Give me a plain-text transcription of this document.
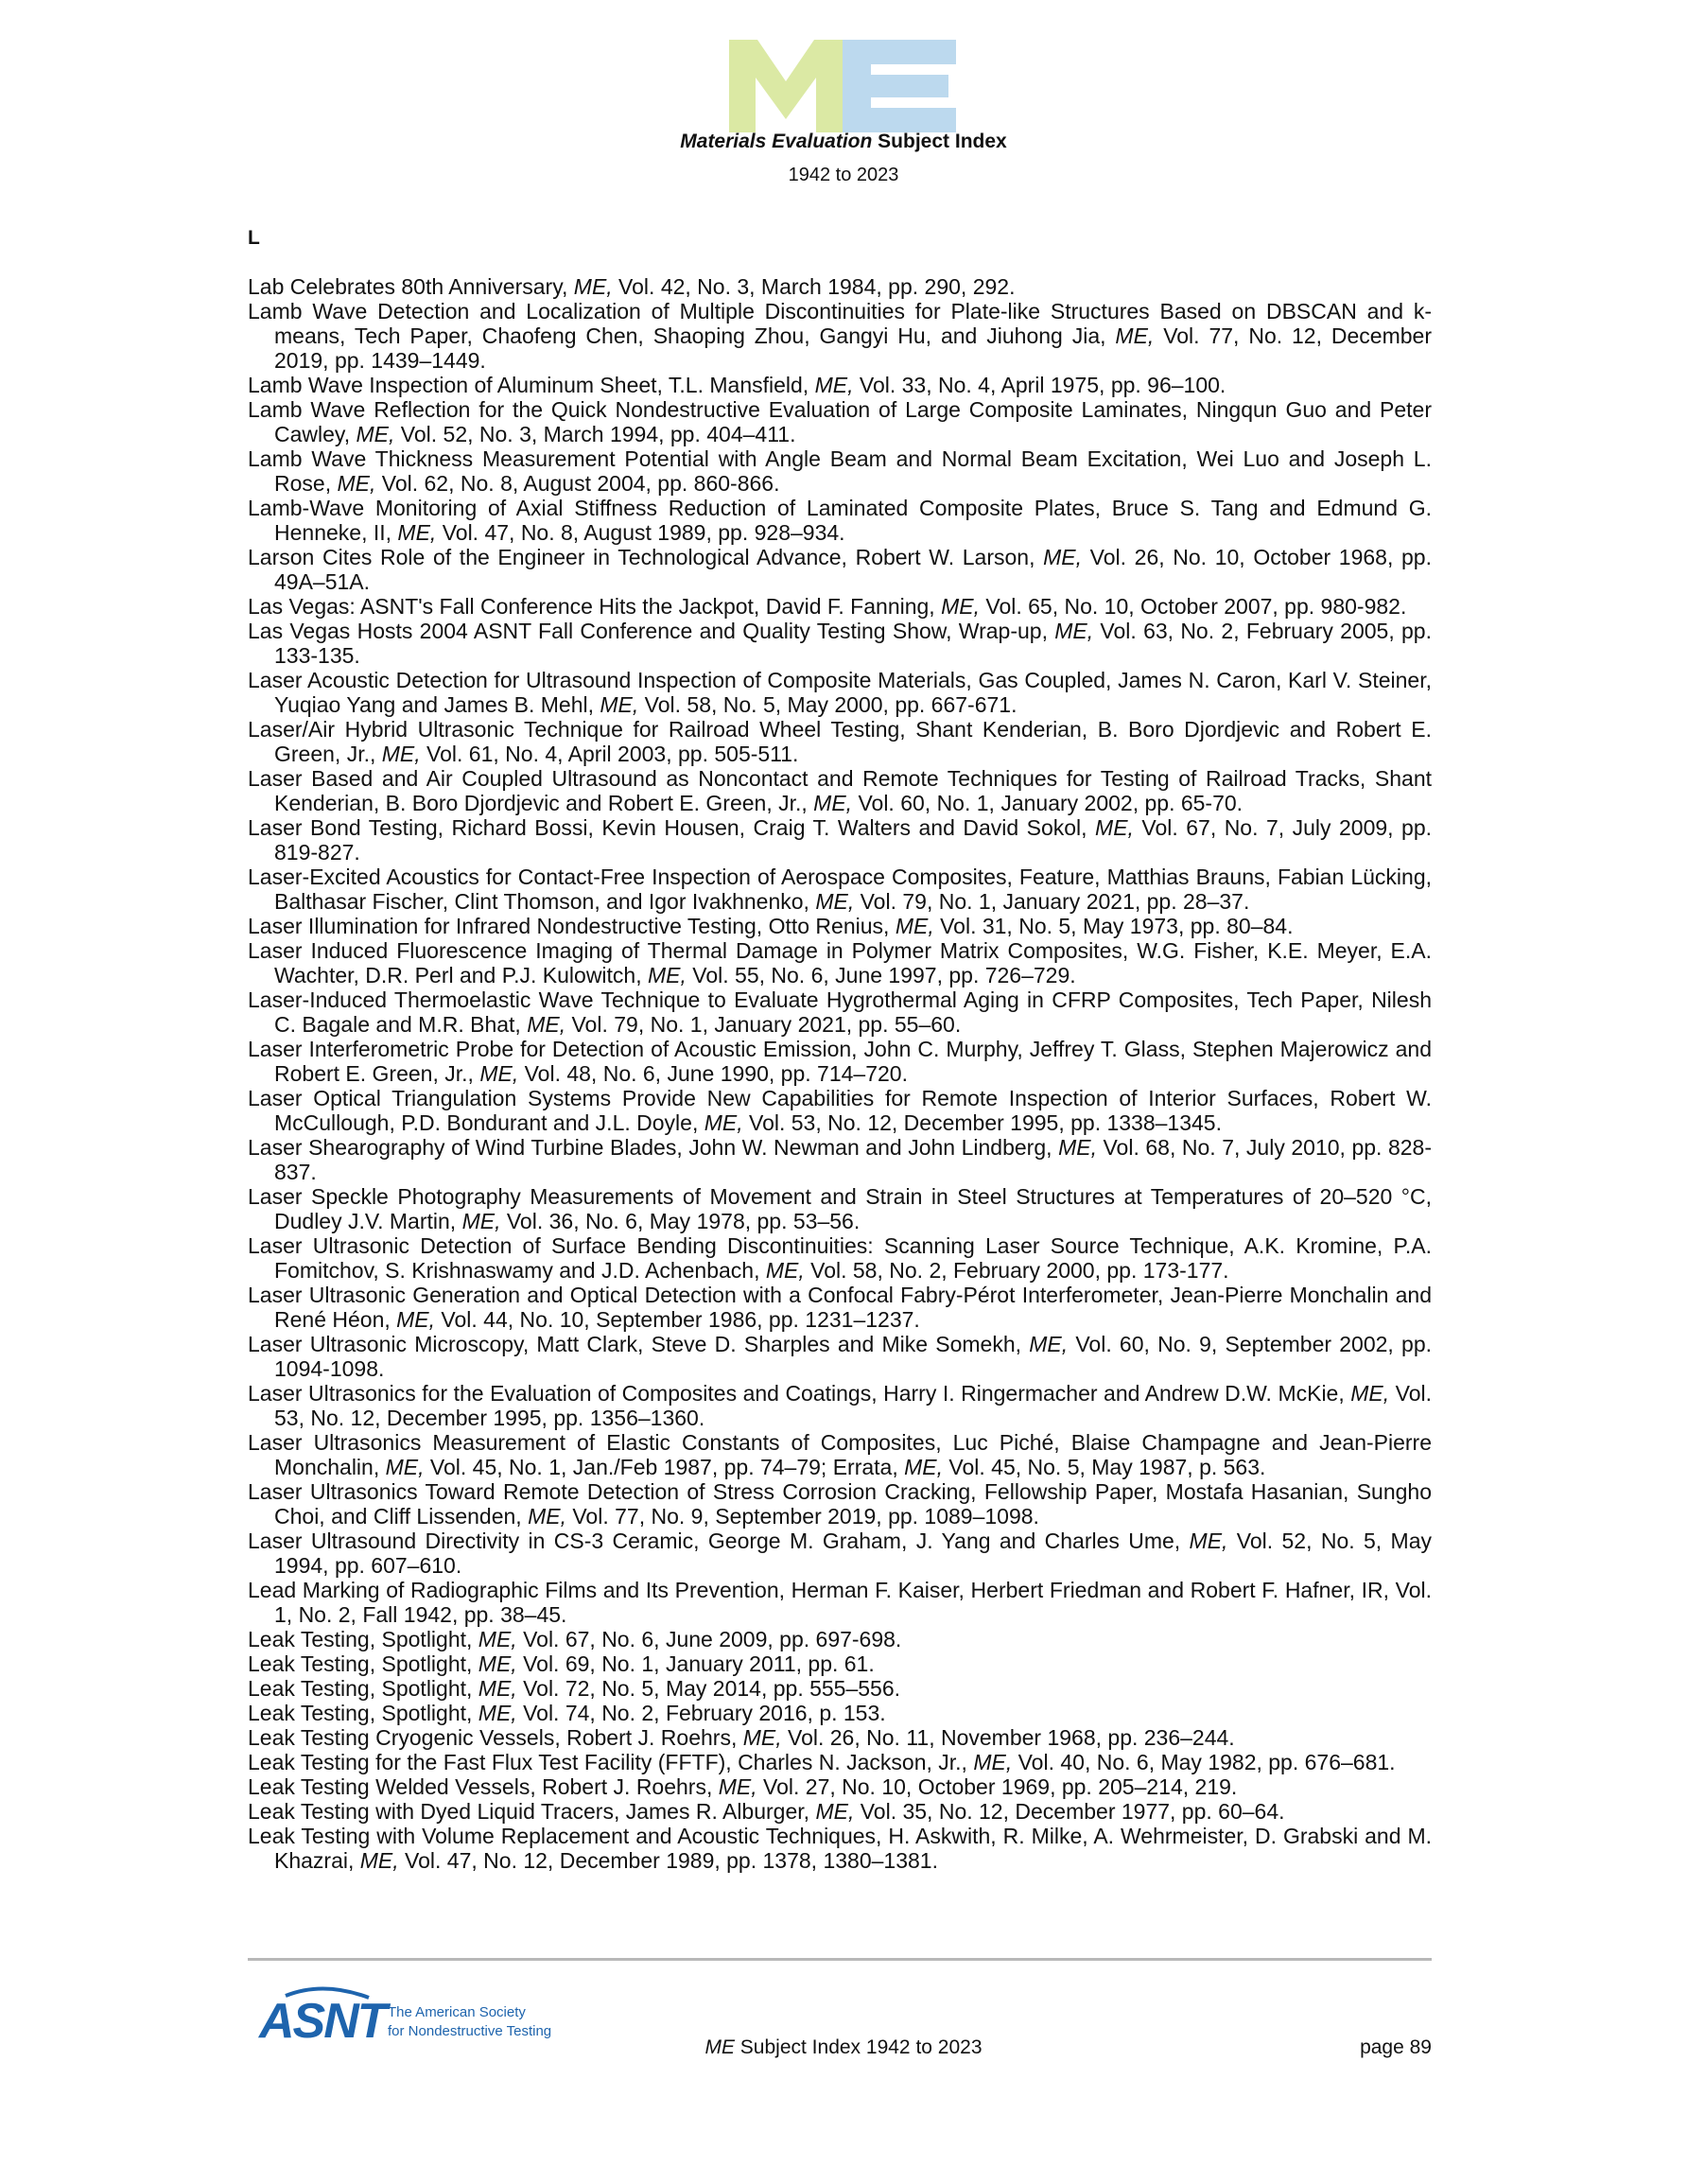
Materials Evaluation Subject Index
1942 to 2023
L
Lab Celebrates 80th Anniversary, ME, Vol. 42, No. 3, March 1984, pp. 290, 292.
Lamb Wave Detection and Localization of Multiple Discontinuities for Plate-like Structures Based on DBSCAN and k-means, Tech Paper, Chaofeng Chen, Shaoping Zhou, Gangyi Hu, and Jiuhong Jia, ME, Vol. 77, No. 12, December 2019, pp. 1439–1449.
Lamb Wave Inspection of Aluminum Sheet, T.L. Mansfield, ME, Vol. 33, No. 4, April 1975, pp. 96–100.
Lamb Wave Reflection for the Quick Nondestructive Evaluation of Large Composite Laminates, Ningqun Guo and Peter Cawley, ME, Vol. 52, No. 3, March 1994, pp. 404–411.
Lamb Wave Thickness Measurement Potential with Angle Beam and Normal Beam Excitation, Wei Luo and Joseph L. Rose, ME, Vol. 62, No. 8, August 2004, pp. 860-866.
Lamb-Wave Monitoring of Axial Stiffness Reduction of Laminated Composite Plates, Bruce S. Tang and Edmund G. Henneke, II, ME, Vol. 47, No. 8, August 1989, pp. 928–934.
Larson Cites Role of the Engineer in Technological Advance, Robert W. Larson, ME, Vol. 26, No. 10, October 1968, pp. 49A–51A.
Las Vegas: ASNT's Fall Conference Hits the Jackpot, David F. Fanning, ME, Vol. 65, No. 10, October 2007, pp. 980-982.
Las Vegas Hosts 2004 ASNT Fall Conference and Quality Testing Show, Wrap-up, ME, Vol. 63, No. 2, February 2005, pp. 133-135.
Laser Acoustic Detection for Ultrasound Inspection of Composite Materials, Gas Coupled, James N. Caron, Karl V. Steiner, Yuqiao Yang and James B. Mehl, ME, Vol. 58, No. 5, May 2000, pp. 667-671.
Laser/Air Hybrid Ultrasonic Technique for Railroad Wheel Testing, Shant Kenderian, B. Boro Djordjevic and Robert E. Green, Jr., ME, Vol. 61, No. 4, April 2003, pp. 505-511.
Laser Based and Air Coupled Ultrasound as Noncontact and Remote Techniques for Testing of Railroad Tracks, Shant Kenderian, B. Boro Djordjevic and Robert E. Green, Jr., ME, Vol. 60, No. 1, January 2002, pp. 65-70.
Laser Bond Testing, Richard Bossi, Kevin Housen, Craig T. Walters and David Sokol, ME, Vol. 67, No. 7, July 2009, pp. 819-827.
Laser-Excited Acoustics for Contact-Free Inspection of Aerospace Composites, Feature, Matthias Brauns, Fabian Lücking, Balthasar Fischer, Clint Thomson, and Igor Ivakhnenko, ME, Vol. 79, No. 1, January 2021, pp. 28–37.
Laser Illumination for Infrared Nondestructive Testing, Otto Renius, ME, Vol. 31, No. 5, May 1973, pp. 80–84.
Laser Induced Fluorescence Imaging of Thermal Damage in Polymer Matrix Composites, W.G. Fisher, K.E. Meyer, E.A. Wachter, D.R. Perl and P.J. Kulowitch, ME, Vol. 55, No. 6, June 1997, pp. 726–729.
Laser-Induced Thermoelastic Wave Technique to Evaluate Hygrothermal Aging in CFRP Composites, Tech Paper, Nilesh C. Bagale and M.R. Bhat, ME, Vol. 79, No. 1, January 2021, pp. 55–60.
Laser Interferometric Probe for Detection of Acoustic Emission, John C. Murphy, Jeffrey T. Glass, Stephen Majerowicz and Robert E. Green, Jr., ME, Vol. 48, No. 6, June 1990, pp. 714–720.
Laser Optical Triangulation Systems Provide New Capabilities for Remote Inspection of Interior Surfaces, Robert W. McCullough, P.D. Bondurant and J.L. Doyle, ME, Vol. 53, No. 12, December 1995, pp. 1338–1345.
Laser Shearography of Wind Turbine Blades, John W. Newman and John Lindberg, ME, Vol. 68, No. 7, July 2010, pp. 828-837.
Laser Speckle Photography Measurements of Movement and Strain in Steel Structures at Temperatures of 20–520 °C, Dudley J.V. Martin, ME, Vol. 36, No. 6, May 1978, pp. 53–56.
Laser Ultrasonic Detection of Surface Bending Discontinuities: Scanning Laser Source Technique, A.K. Kromine, P.A. Fomitchov, S. Krishnaswamy and J.D. Achenbach, ME, Vol. 58, No. 2, February 2000, pp. 173-177.
Laser Ultrasonic Generation and Optical Detection with a Confocal Fabry-Pérot Interferometer, Jean-Pierre Monchalin and René Héon, ME, Vol. 44, No. 10, September 1986, pp. 1231–1237.
Laser Ultrasonic Microscopy, Matt Clark, Steve D. Sharples and Mike Somekh, ME, Vol. 60, No. 9, September 2002, pp. 1094-1098.
Laser Ultrasonics for the Evaluation of Composites and Coatings, Harry I. Ringermacher and Andrew D.W. McKie, ME, Vol. 53, No. 12, December 1995, pp. 1356–1360.
Laser Ultrasonics Measurement of Elastic Constants of Composites, Luc Piché, Blaise Champagne and Jean-Pierre Monchalin, ME, Vol. 45, No. 1, Jan./Feb 1987, pp. 74–79; Errata, ME, Vol. 45, No. 5, May 1987, p. 563.
Laser Ultrasonics Toward Remote Detection of Stress Corrosion Cracking, Fellowship Paper, Mostafa Hasanian, Sungho Choi, and Cliff Lissenden, ME, Vol. 77, No. 9, September 2019, pp. 1089–1098.
Laser Ultrasound Directivity in CS-3 Ceramic, George M. Graham, J. Yang and Charles Ume, ME, Vol. 52, No. 5, May 1994, pp. 607–610.
Lead Marking of Radiographic Films and Its Prevention, Herman F. Kaiser, Herbert Friedman and Robert F. Hafner, IR, Vol. 1, No. 2, Fall 1942, pp. 38–45.
Leak Testing, Spotlight, ME, Vol. 67, No. 6, June 2009, pp. 697-698.
Leak Testing, Spotlight, ME, Vol. 69, No. 1, January 2011, pp. 61.
Leak Testing, Spotlight, ME, Vol. 72, No. 5, May 2014, pp. 555–556.
Leak Testing, Spotlight, ME, Vol. 74, No. 2, February 2016, p. 153.
Leak Testing Cryogenic Vessels, Robert J. Roehrs, ME, Vol. 26, No. 11, November 1968, pp. 236–244.
Leak Testing for the Fast Flux Test Facility (FFTF), Charles N. Jackson, Jr., ME, Vol. 40, No. 6, May 1982, pp. 676–681.
Leak Testing Welded Vessels, Robert J. Roehrs, ME, Vol. 27, No. 10, October 1969, pp. 205–214, 219.
Leak Testing with Dyed Liquid Tracers, James R. Alburger, ME, Vol. 35, No. 12, December 1977, pp. 60–64.
Leak Testing with Volume Replacement and Acoustic Techniques, H. Askwith, R. Milke, A. Wehrmeister, D. Grabski and M. Khazrai, ME, Vol. 47, No. 12, December 1989, pp. 1378, 1380–1381.
ASNT The American Society
for Nondestructive Testing
ME Subject Index 1942 to 2023	page 89
